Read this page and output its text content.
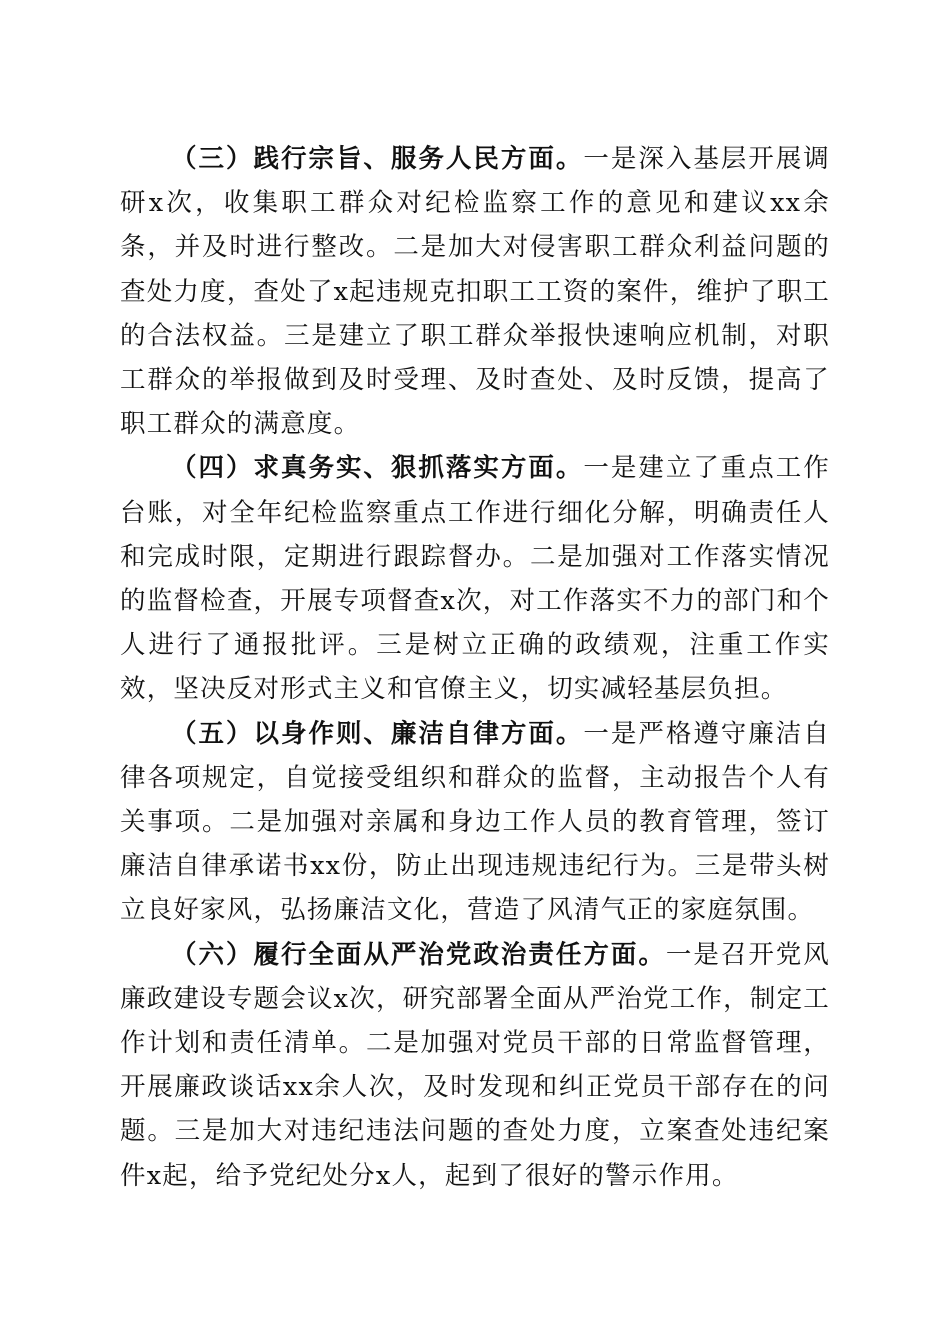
（三）践行宗旨、服务人民方面。一是深入基层开展调研x次，收集职工群众对纪检监察工作的意见和建议xx余条，并及时进行整改。二是加大对侵害职工群众利益问题的查处力度，查处了x起违规克扣职工工资的案件，维护了职工的合法权益。三是建立了职工群众举报快速响应机制，对职工群众的举报做到及时受理、及时查处、及时反馈，提高了职工群众的满意度。

（四）求真务实、狠抓落实方面。一是建立了重点工作台账，对全年纪检监察重点工作进行细化分解，明确责任人和完成时限，定期进行跟踪督办。二是加强对工作落实情况的监督检查，开展专项督查x次，对工作落实不力的部门和个人进行了通报批评。三是树立正确的政绩观，注重工作实效，坚决反对形式主义和官僚主义，切实减轻基层负担。

（五）以身作则、廉洁自律方面。一是严格遵守廉洁自律各项规定，自觉接受组织和群众的监督，主动报告个人有关事项。二是加强对亲属和身边工作人员的教育管理，签订廉洁自律承诺书xx份，防止出现违规违纪行为。三是带头树立良好家风，弘扬廉洁文化，营造了风清气正的家庭氛围。

（六）履行全面从严治党政治责任方面。一是召开党风廉政建设专题会议x次，研究部署全面从严治党工作，制定工作计划和责任清单。二是加强对党员干部的日常监督管理，开展廉政谈话xx余人次，及时发现和纠正党员干部存在的问题。三是加大对违纪违法问题的查处力度，立案查处违纪案件x起，给予党纪处分x人，起到了很好的警示作用。
